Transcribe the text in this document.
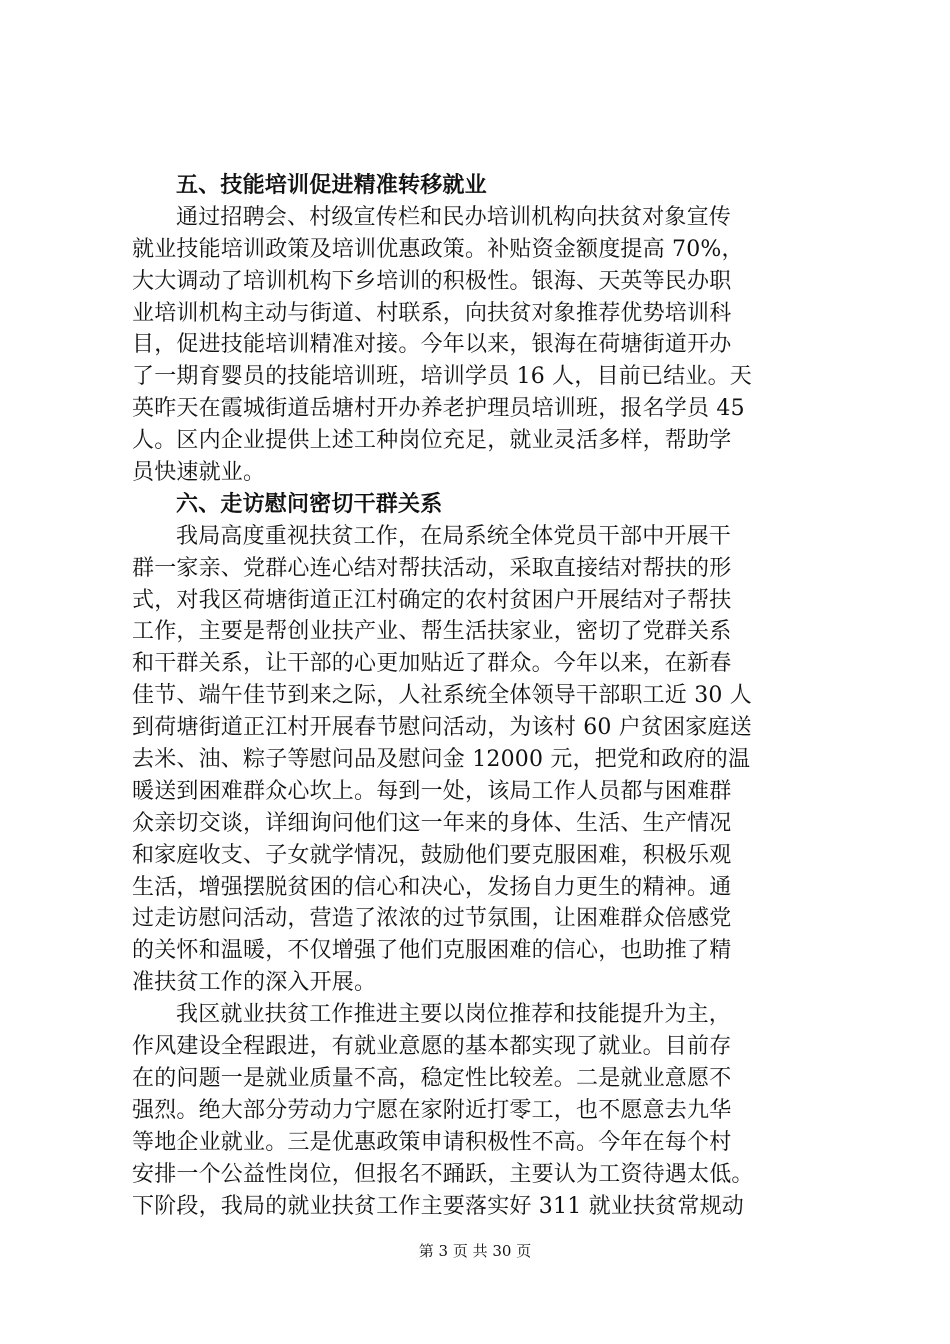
五、技能培训促进精准转移就业
通过招聘会、村级宣传栏和民办培训机构向扶贫对象宣传
就业技能培训政策及培训优惠政策。补贴资金额度提高 70%，
大大调动了培训机构下乡培训的积极性。银海、天英等民办职
业培训机构主动与街道、村联系，向扶贫对象推荐优势培训科
目，促进技能培训精准对接。今年以来，银海在荷塘街道开办
了一期育婴员的技能培训班，培训学员 16 人，目前已结业。天
英昨天在霞城街道岳塘村开办养老护理员培训班，报名学员 45
人。区内企业提供上述工种岗位充足，就业灵活多样，帮助学
员快速就业。
六、走访慰问密切干群关系
我局高度重视扶贫工作，在局系统全体党员干部中开展干
群一家亲、党群心连心结对帮扶活动，采取直接结对帮扶的形
式，对我区荷塘街道正江村确定的农村贫困户开展结对子帮扶
工作，主要是帮创业扶产业、帮生活扶家业，密切了党群关系
和干群关系，让干部的心更加贴近了群众。今年以来，在新春
佳节、端午佳节到来之际，人社系统全体领导干部职工近 30 人
到荷塘街道正江村开展春节慰问活动，为该村 60 户贫困家庭送
去米、油、粽子等慰问品及慰问金 12000 元，把党和政府的温
暖送到困难群众心坎上。每到一处，该局工作人员都与困难群
众亲切交谈，详细询问他们这一年来的身体、生活、生产情况
和家庭收支、子女就学情况，鼓励他们要克服困难，积极乐观
生活，增强摆脱贫困的信心和决心，发扬自力更生的精神。通
过走访慰问活动，营造了浓浓的过节氛围，让困难群众倍感党
的关怀和温暖，不仅增强了他们克服困难的信心，也助推了精
准扶贫工作的深入开展。
我区就业扶贫工作推进主要以岗位推荐和技能提升为主，
作风建设全程跟进，有就业意愿的基本都实现了就业。目前存
在的问题一是就业质量不高，稳定性比较差。二是就业意愿不
强烈。绝大部分劳动力宁愿在家附近打零工，也不愿意去九华
等地企业就业。三是优惠政策申请积极性不高。今年在每个村
安排一个公益性岗位，但报名不踊跃，主要认为工资待遇太低。
下阶段，我局的就业扶贫工作主要落实好 311 就业扶贫常规动
第 3 页 共 30 页
